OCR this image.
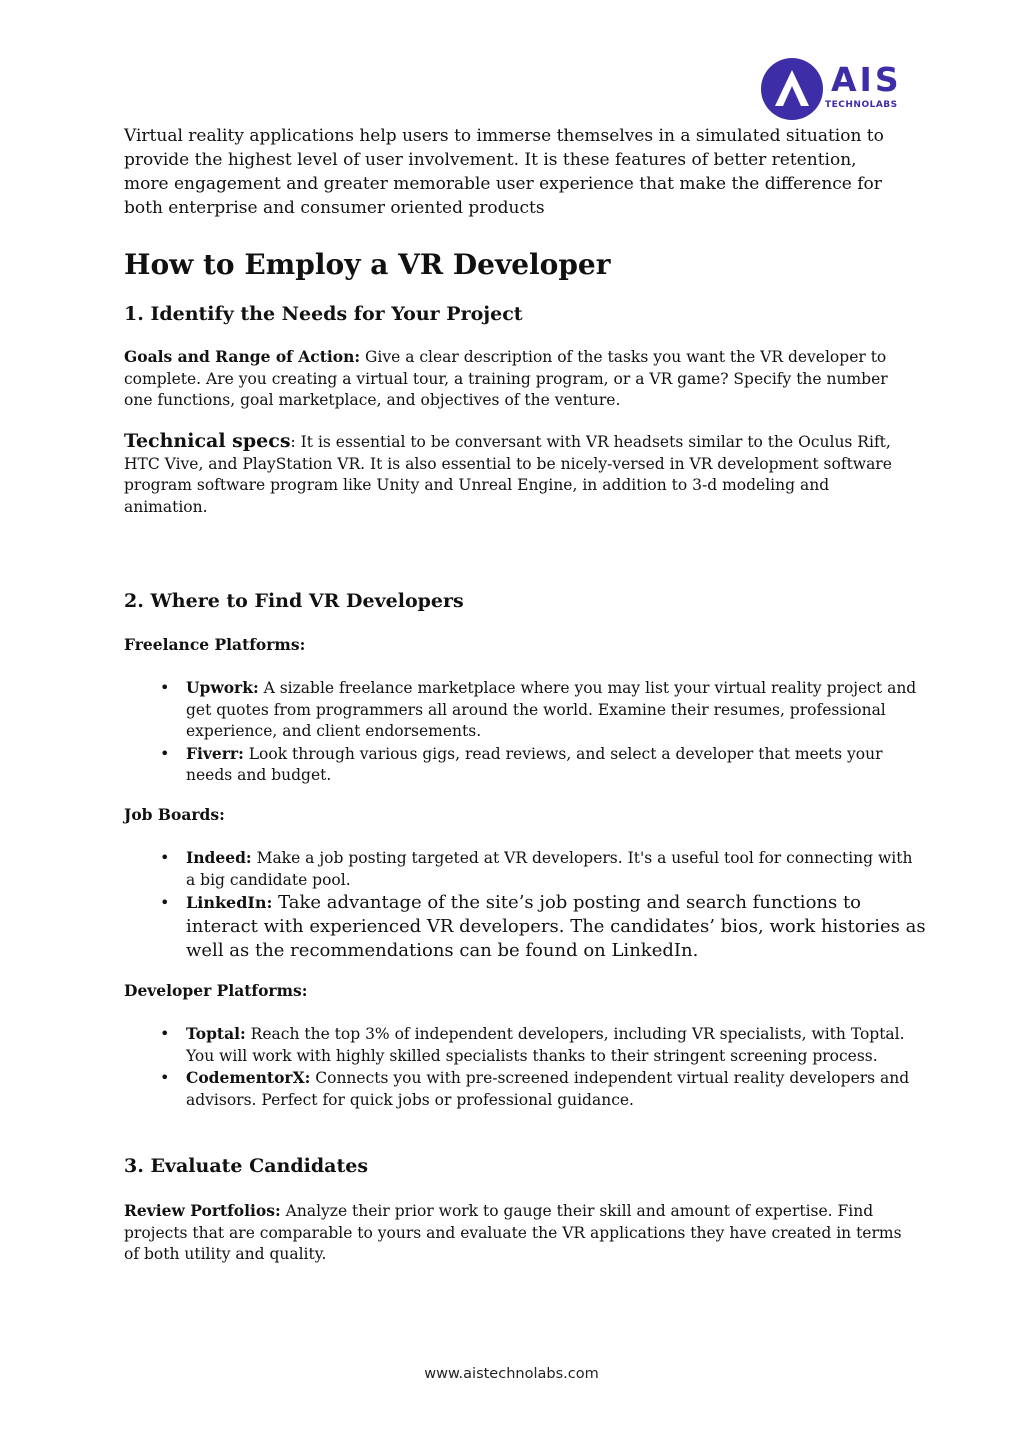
AIS
TECHNOLABS

Virtual reality applications help users to immerse themselves in a simulated situation to provide the highest level of user involvement. It is these features of better retention, more engagement and greater memorable user experience that make the difference for both enterprise and consumer oriented products

How to Employ a VR Developer
1. Identify the Needs for Your Project

Goals and Range of Action: Give a clear description of the tasks you want the VR developer to complete. Are you creating a virtual tour, a training program, or a VR game? Specify the number one functions, goal marketplace, and objectives of the venture.

Technical specs: It is essential to be conversant with VR headsets similar to the Oculus Rift, HTC Vive, and PlayStation VR. It is also essential to be nicely-versed in VR development software program software program like Unity and Unreal Engine, in addition to 3-d modeling and animation.

2. Where to Find VR Developers

Freelance Platforms:

• Upwork: A sizable freelance marketplace where you may list your virtual reality project and get quotes from programmers all around the world. Examine their resumes, professional experience, and client endorsements.
• Fiverr: Look through various gigs, read reviews, and select a developer that meets your needs and budget.

Job Boards:

• Indeed: Make a job posting targeted at VR developers. It's a useful tool for connecting with a big candidate pool.
• LinkedIn: Take advantage of the site’s job posting and search functions to interact with experienced VR developers. The candidates’ bios, work histories as well as the recommendations can be found on LinkedIn.

Developer Platforms:

• Toptal: Reach the top 3% of independent developers, including VR specialists, with Toptal. You will work with highly skilled specialists thanks to their stringent screening process.
• CodementorX: Connects you with pre-screened independent virtual reality developers and advisors. Perfect for quick jobs or professional guidance.
3. Evaluate Candidates

Review Portfolios: Analyze their prior work to gauge their skill and amount of expertise. Find projects that are comparable to yours and evaluate the VR applications they have created in terms of both utility and quality.

www.aistechnolabs.com
